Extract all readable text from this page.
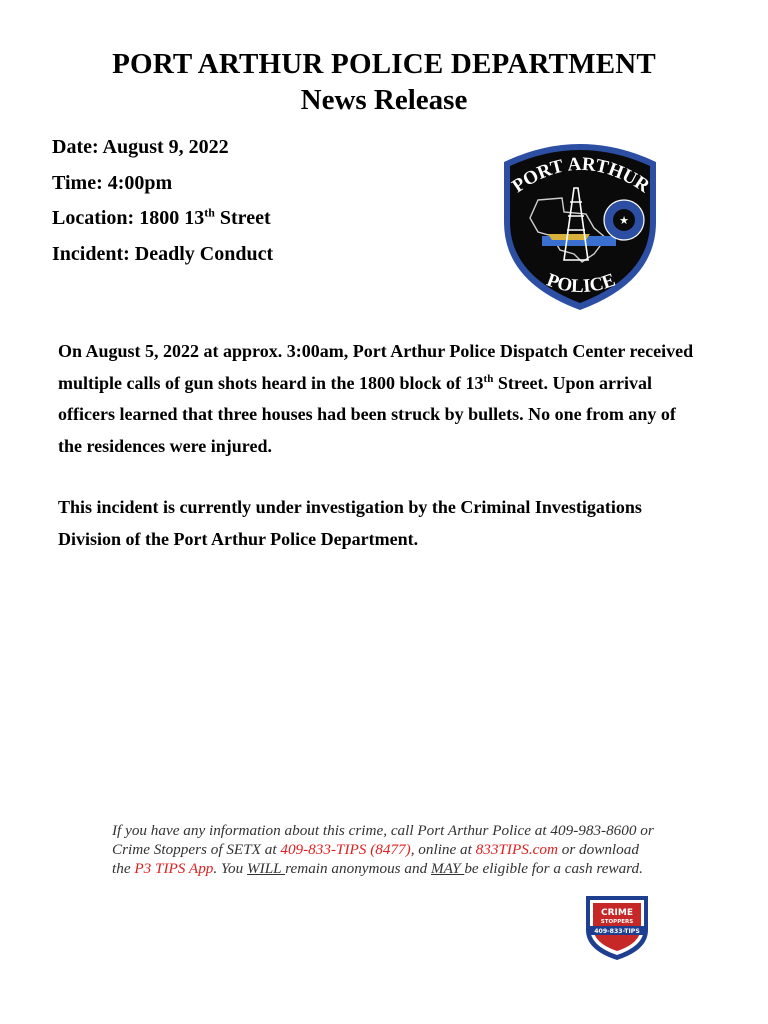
PORT ARTHUR POLICE DEPARTMENT
News Release
Date: August 9, 2022
Time: 4:00pm
Location: 1800 13th Street
Incident: Deadly Conduct
PORT ARTHUR
★
POLICE

On August 5, 2022 at approx. 3:00am, Port Arthur Police Dispatch Center received
multiple calls of gun shots heard in the 1800 block of 13th Street. Upon arrival
officers learned that three houses had been struck by bullets. No one from any of
the residences were injured.

This incident is currently under investigation by the Criminal Investigations
Division of the Port Arthur Police Department.

If you have any information about this crime, call Port Arthur Police at 409-983-8600 or
Crime Stoppers of SETX at 409-833-TIPS (8477), online at 833TIPS.com or download
the P3 TIPS App. You WILL remain anonymous and MAY be eligible for a cash reward.

CRIME
STOPPERS
409-833-TIPS
